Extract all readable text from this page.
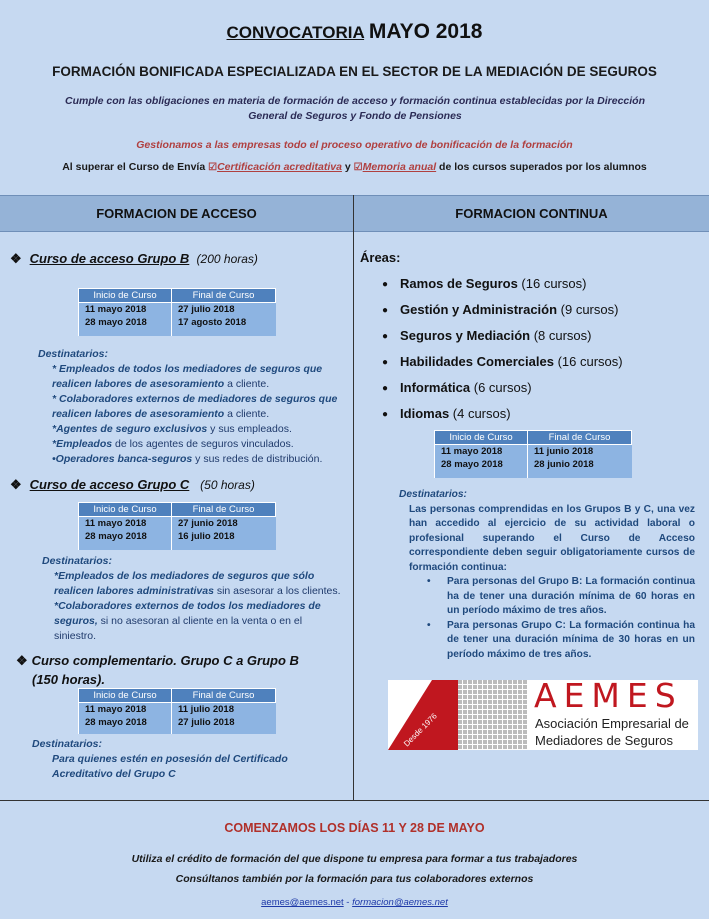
CONVOCATORIA MAYO 2018
FORMACIÓN BONIFICADA ESPECIALIZADA EN EL SECTOR DE LA MEDIACIÓN DE SEGUROS
Cumple con las obligaciones en materia de formación de acceso y formación continua establecidas por la Dirección General de Seguros y Fondo de Pensiones
Gestionamos a las empresas todo el proceso operativo de bonificación de la formación
Al superar el Curso de Envía ☑Certificación acreditativa y ☑Memoria anual de los cursos superados por los alumnos
FORMACION DE ACCESO	FORMACION CONTINUA
❖ Curso de acceso Grupo B (200 horas)
Inicio de Curso	Final de Curso
11 mayo 2018	27 julio 2018
28 mayo 2018	17 agosto 2018
Destinatarios:
* Empleados de todos los mediadores de seguros que
realicen labores de asesoramiento a cliente.
* Colaboradores externos de mediadores de seguros que
realicen labores de asesoramiento a cliente.
*Agentes de seguro exclusivos y sus empleados.
*Empleados de los agentes de seguros vinculados.
•Operadores banca-seguros y sus redes de distribución.
❖ Curso de acceso Grupo C (50 horas)
Inicio de Curso	Final de Curso
11 mayo 2018	27 junio 2018
28 mayo 2018	16 julio 2018
Destinatarios:
*Empleados de los mediadores de seguros que sólo
realicen labores administrativas sin asesorar a los clientes.
*Colaboradores externos de todos los mediadores de
seguros, si no asesoran al cliente en la venta o en el
siniestro.
❖ Curso complementario. Grupo C a Grupo B
(150 horas).
Inicio de Curso	Final de Curso
11 mayo 2018	11 julio 2018
28 mayo 2018	27 julio 2018
Destinatarios:
Para quienes estén en posesión del Certificado
Acreditativo del Grupo C
Áreas:
● Ramos de Seguros (16 cursos)
● Gestión y Administración (9 cursos)
● Seguros y Mediación (8 cursos)
● Habilidades Comerciales (16 cursos)
● Informática (6 cursos)
● Idiomas (4 cursos)
Inicio de Curso	Final de Curso
11 mayo 2018	11 junio 2018
28 mayo 2018	28 junio 2018
Destinatarios:
Las personas comprendidas en los Grupos B y C, una vez han accedido al ejercicio de su actividad laboral o profesional superando el Curso de Acceso correspondiente deben seguir obligatoriamente cursos de formación continua:
• Para personas del Grupo B: La formación continua ha de tener una duración mínima de 60 horas en un período máximo de tres años.
• Para personas Grupo C: La formación continua ha de tener una duración mínima de 30 horas en un período máximo de tres años.
Desde 1976
AEMES
Asociación Empresarial de
Mediadores de Seguros
COMENZAMOS LOS DÍAS 11 Y 28 DE MAYO
Utiliza el crédito de formación del que dispone tu empresa para formar a tus trabajadores
Consúltanos también por la formación para tus colaboradores externos
aemes@aemes.net - formacion@aemes.net
